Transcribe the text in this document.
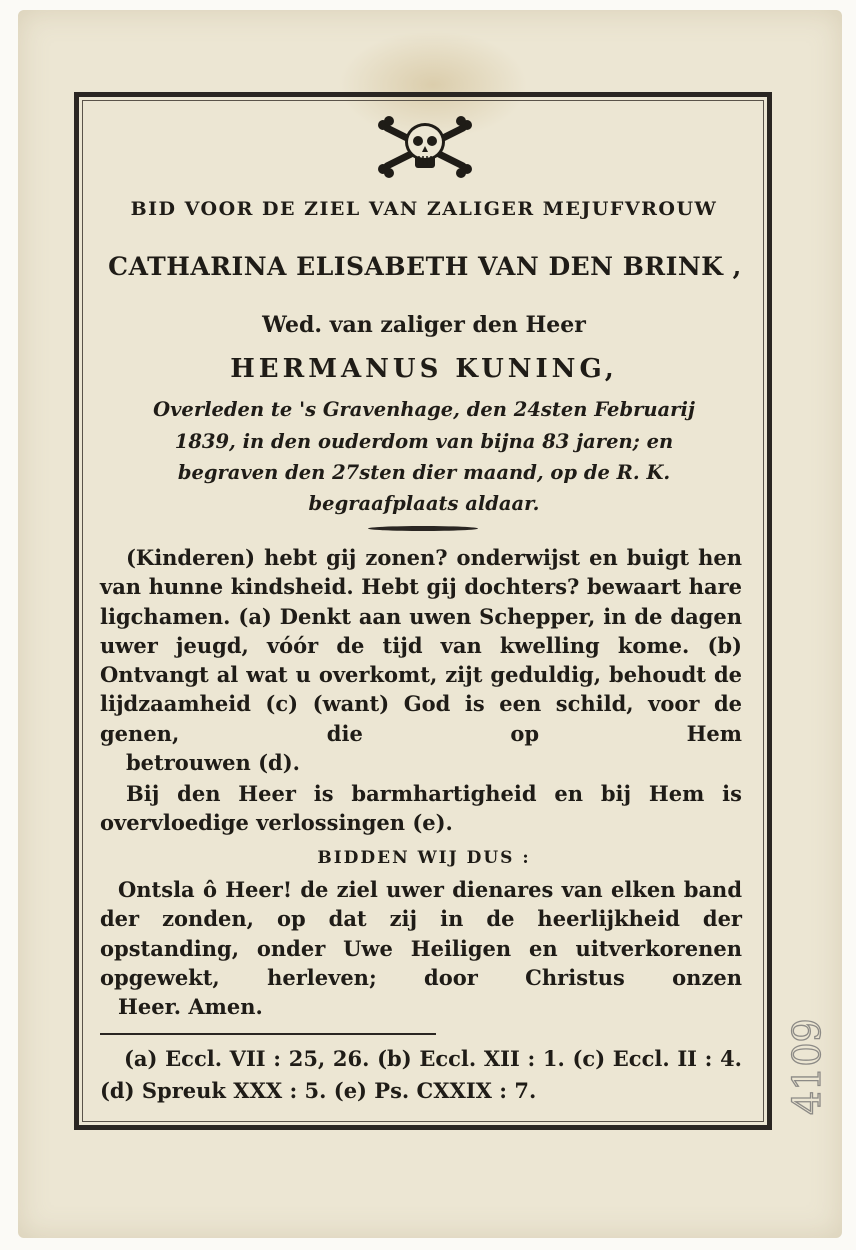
BID VOOR DE ZIEL VAN ZALIGER MEJUFVROUW
CATHARINA ELISABETH VAN DEN BRINK ,
Wed. van zaliger den Heer
HERMANUS KUNING,
Overleden te 's Gravenhage, den 24sten Februarij
1839, in den ouderdom van bijna 83 jaren; en
begraven den 27sten dier maand, op de R. K.
begraafplaats aldaar.
(Kinderen) hebt gij zonen? onderwijst en buigt hen van hunne kindsheid. Hebt gij dochters? bewaart hare ligchamen. (a) Denkt aan uwen Schepper, in de dagen uwer jeugd, vóór de tijd van kwelling kome. (b) Ontvangt al wat u overkomt, zijt geduldig, behoudt de lijdzaamheid (c) (want) God is een schild, voor de genen, die op Hem
betrouwen (d).
Bij den Heer is barmhartigheid en bij Hem is
overvloedige verlossingen (e).
BIDDEN WIJ DUS :
Ontsla ô Heer! de ziel uwer dienares van elken band der zonden, op dat zij in de heerlijkheid der opstanding, onder Uwe Heiligen en uitverkorenen opgewekt, herleven; door Christus onzen
Heer. Amen.
(a) Eccl. VII : 25, 26. (b) Eccl. XII : 1. (c) Eccl. II : 4. (d) Spreuk XXX : 5. (e) Ps. CXXIX : 7.	4109
